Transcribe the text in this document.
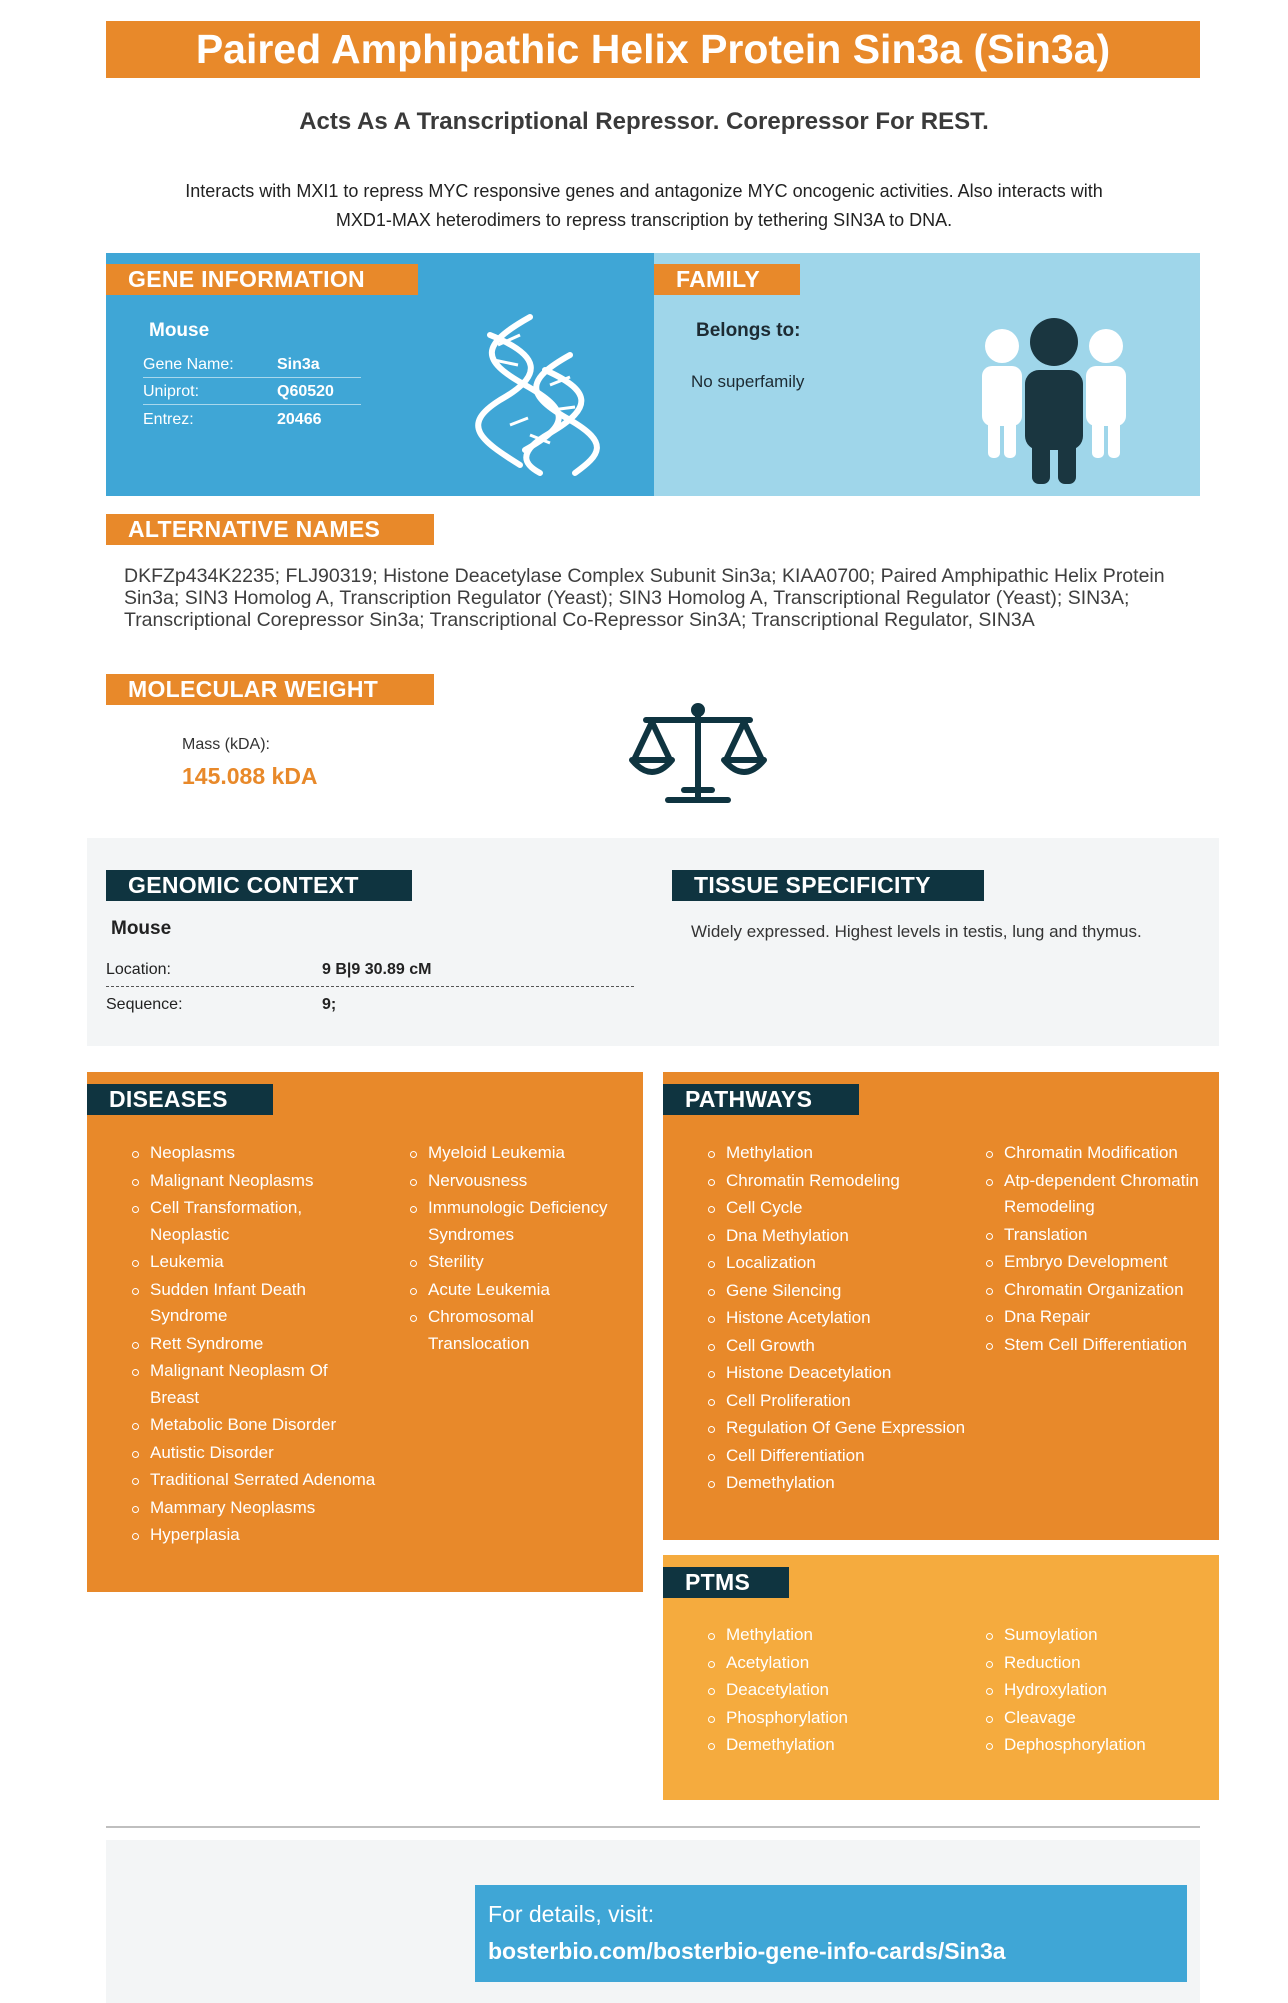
Paired Amphipathic Helix Protein Sin3a (Sin3a)
Acts As A Transcriptional Repressor. Corepressor For REST.
Interacts with MXI1 to repress MYC responsive genes and antagonize MYC oncogenic activities. Also interacts with MXD1-MAX heterodimers to repress transcription by tethering SIN3A to DNA.
GENE INFORMATION
Mouse
Gene Name:	Sin3a
Uniprot:	Q60520
Entrez:	20466
FAMILY
Belongs to:
No superfamily
ALTERNATIVE NAMES
DKFZp434K2235; FLJ90319; Histone Deacetylase Complex Subunit Sin3a; KIAA0700; Paired Amphipathic Helix Protein Sin3a; SIN3 Homolog A, Transcription Regulator (Yeast); SIN3 Homolog A, Transcriptional Regulator (Yeast); SIN3A; Transcriptional Corepressor Sin3a; Transcriptional Co-Repressor Sin3A; Transcriptional Regulator, SIN3A
MOLECULAR WEIGHT
Mass (kDA):
145.088 kDA
GENOMIC CONTEXT
Mouse
Location:	9 B|9 30.89 cM
Sequence:	9;
TISSUE SPECIFICITY
Widely expressed. Highest levels in testis, lung and thymus.
DISEASES
Neoplasms
Malignant Neoplasms
Cell Transformation, Neoplastic
Leukemia
Sudden Infant Death Syndrome
Rett Syndrome
Malignant Neoplasm Of Breast
Metabolic Bone Disorder
Autistic Disorder
Traditional Serrated Adenoma
Mammary Neoplasms
Hyperplasia
Myeloid Leukemia
Nervousness
Immunologic Deficiency Syndromes
Sterility
Acute Leukemia
Chromosomal Translocation
PATHWAYS
Methylation
Chromatin Remodeling
Cell Cycle
Dna Methylation
Localization
Gene Silencing
Histone Acetylation
Cell Growth
Histone Deacetylation
Cell Proliferation
Regulation Of Gene Expression
Cell Differentiation
Demethylation
Chromatin Modification
Atp-dependent Chromatin Remodeling
Translation
Embryo Development
Chromatin Organization
Dna Repair
Stem Cell Differentiation
PTMS
Methylation
Acetylation
Deacetylation
Phosphorylation
Demethylation
Sumoylation
Reduction
Hydroxylation
Cleavage
Dephosphorylation
For details, visit:
bosterbio.com/bosterbio-gene-info-cards/Sin3a
